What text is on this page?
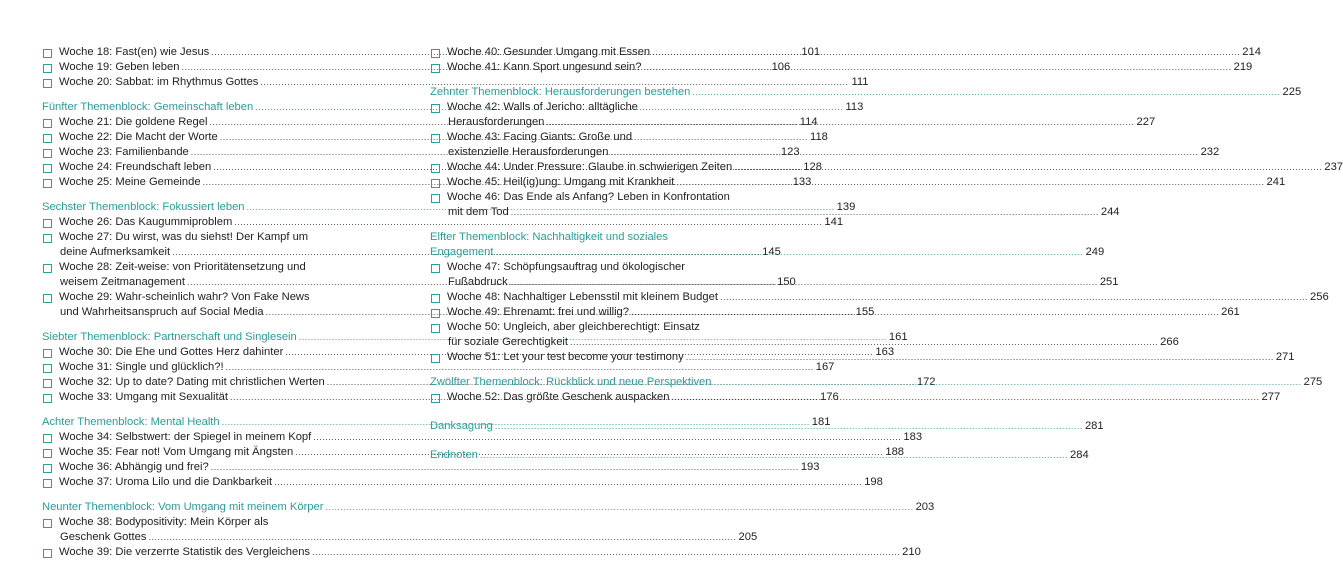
Woche 18: Fast(en) wie Jesus .....	101
Woche 19: Geben leben .....	106
Woche 20: Sabbat: im Rhythmus Gottes .....	111
Fünfter Themenblock: Gemeinschaft leben .....	113
Woche 21: Die goldene Regel .....	114
Woche 22: Die Macht der Worte .....	118
Woche 23: Familienbande .....	123
Woche 24: Freundschaft leben .....	128
Woche 25: Meine Gemeinde .....	133
Sechster Themenblock: Fokussiert leben .....	139
Woche 26: Das Kaugummiproblem .....	141
Woche 27: Du wirst, was du siehst! Der Kampf um
deine Aufmerksamkeit .....	145
Woche 28: Zeit-weise: von Prioritätensetzung und
weisem Zeitmanagement .....	150
Woche 29: Wahr-scheinlich wahr? Von Fake News
und Wahrheitsanspruch auf Social Media .....	155
Siebter Themenblock: Partnerschaft und Singlesein .....	161
Woche 30: Die Ehe und Gottes Herz dahinter .....	163
Woche 31: Single und glücklich?! .....	167
Woche 32: Up to date? Dating mit christlichen Werten .....	172
Woche 33: Umgang mit Sexualität .....	176
Achter Themenblock: Mental Health .....	181
Woche 34: Selbstwert: der Spiegel in meinem Kopf .....	183
Woche 35: Fear not! Vom Umgang mit Ängsten .....	188
Woche 36: Abhängig und frei? .....	193
Woche 37: Uroma Lilo und die Dankbarkeit .....	198
Neunter Themenblock: Vom Umgang mit meinem Körper .....	203
Woche 38: Bodypositivity: Mein Körper als
Geschenk Gottes .....	205
Woche 39: Die verzerrte Statistik des Vergleichens .....	210
Woche 40: Gesunder Umgang mit Essen .....	214
Woche 41: Kann Sport ungesund sein? .....	219
Zehnter Themenblock: Herausforderungen bestehen .....	225
Woche 42: Walls of Jericho: alltägliche
Herausforderungen .....	227
Woche 43: Facing Giants: Große und
existenzielle Herausforderungen .....	232
Woche 44: Under Pressure: Glaube in schwierigen Zeiten .....	237
Woche 45: Heil(ig)ung: Umgang mit Krankheit .....	241
Woche 46: Das Ende als Anfang? Leben in Konfrontation
mit dem Tod .....	244
Elfter Themenblock: Nachhaltigkeit und soziales
Engagement .....	249
Woche 47: Schöpfungsauftrag und ökologischer
Fußabdruck .....	251
Woche 48: Nachhaltiger Lebensstil mit kleinem Budget .....	256
Woche 49: Ehrenamt: frei und willig? .....	261
Woche 50: Ungleich, aber gleichberechtigt: Einsatz
für soziale Gerechtigkeit .....	266
Woche 51: Let your test become your testimony .....	271
Zwölfter Themenblock: Rückblick und neue Perspektiven .....	275
Woche 52: Das größte Geschenk auspacken .....	277
Danksagung .....	281
Endnoten .....	284
